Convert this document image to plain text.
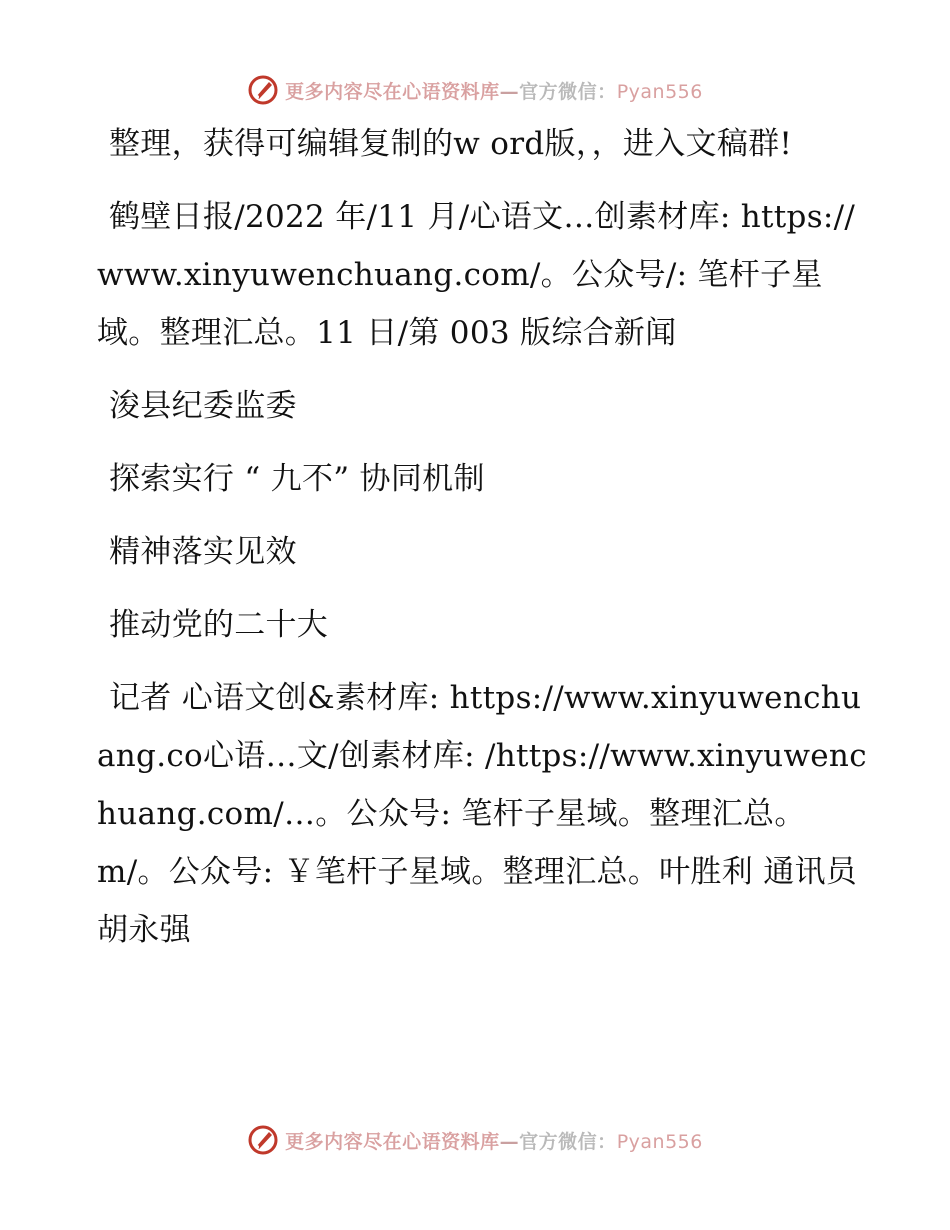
更多内容尽在心语资料库—官方微信：Pyan556

整理，获得可编辑复制的w ord版，，进入文稿群!

鹤壁日报/2022 年/11 月/心语文…创素材库: https://www.xinyuwenchuang.com/。公众号/: 笔杆子星域。整理汇总。11 日/第 003 版综合新闻

浚县纪委监委

探索实行 “ 九不” 协同机制

精神落实见效

推动党的二十大

记者 心语文创&素材库: https://www.xinyuwenchuang.co心语…文/创素材库: /https://www.xinyuwenchuang.com/…。公众号: 笔杆子星域。整理汇总。m/。公众号: ￥笔杆子星域。整理汇总。叶胜利 通讯员 胡永强

更多内容尽在心语资料库—官方微信：Pyan556
